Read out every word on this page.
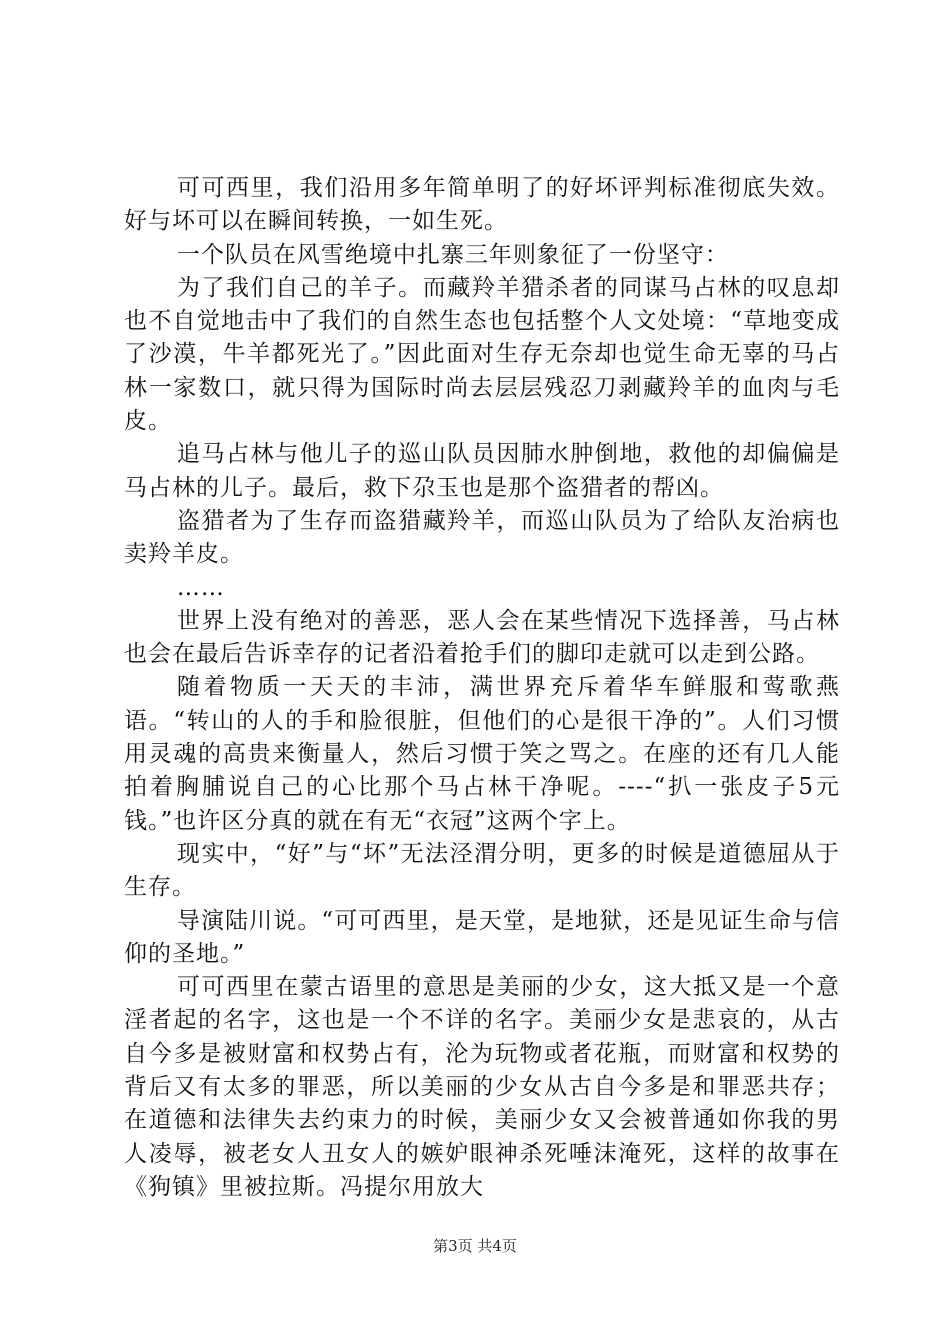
可可西里，我们沿用多年简单明了的好坏评判标准彻底失效。好与坏可以在瞬间转换，一如生死。

一个队员在风雪绝境中扎寨三年则象征了一份坚守：

为了我们自己的羊子。而藏羚羊猎杀者的同谋马占林的叹息却也不自觉地击中了我们的自然生态也包括整个人文处境：“草地变成了沙漠，牛羊都死光了。”因此面对生存无奈却也觉生命无辜的马占林一家数口，就只得为国际时尚去层层残忍刀剥藏羚羊的血肉与毛皮。

追马占林与他儿子的巡山队员因肺水肿倒地，救他的却偏偏是马占林的儿子。最后，救下尕玉也是那个盗猎者的帮凶。

盗猎者为了生存而盗猎藏羚羊，而巡山队员为了给队友治病也卖羚羊皮。

……

世界上没有绝对的善恶，恶人会在某些情况下选择善，马占林也会在最后告诉幸存的记者沿着抢手们的脚印走就可以走到公路。

随着物质一天天的丰沛，满世界充斥着华车鲜服和莺歌燕语。“转山的人的手和脸很脏，但他们的心是很干净的”。人们习惯用灵魂的高贵来衡量人，然后习惯于笑之骂之。在座的还有几人能拍着胸脯说自己的心比那个马占林干净呢。----“扒一张皮子5元钱。”也许区分真的就在有无“衣冠”这两个字上。

现实中，“好”与“坏”无法泾渭分明，更多的时候是道德屈从于生存。

导演陆川说。“可可西里，是天堂，是地狱，还是见证生命与信仰的圣地。”

可可西里在蒙古语里的意思是美丽的少女，这大抵又是一个意淫者起的名字，这也是一个不详的名字。美丽少女是悲哀的，从古自今多是被财富和权势占有，沦为玩物或者花瓶，而财富和权势的背后又有太多的罪恶，所以美丽的少女从古自今多是和罪恶共存；在道德和法律失去约束力的时候，美丽少女又会被普通如你我的男人凌辱，被老女人丑女人的嫉妒眼神杀死唾沫淹死，这样的故事在《狗镇》里被拉斯。冯提尔用放大

第3页 共4页
